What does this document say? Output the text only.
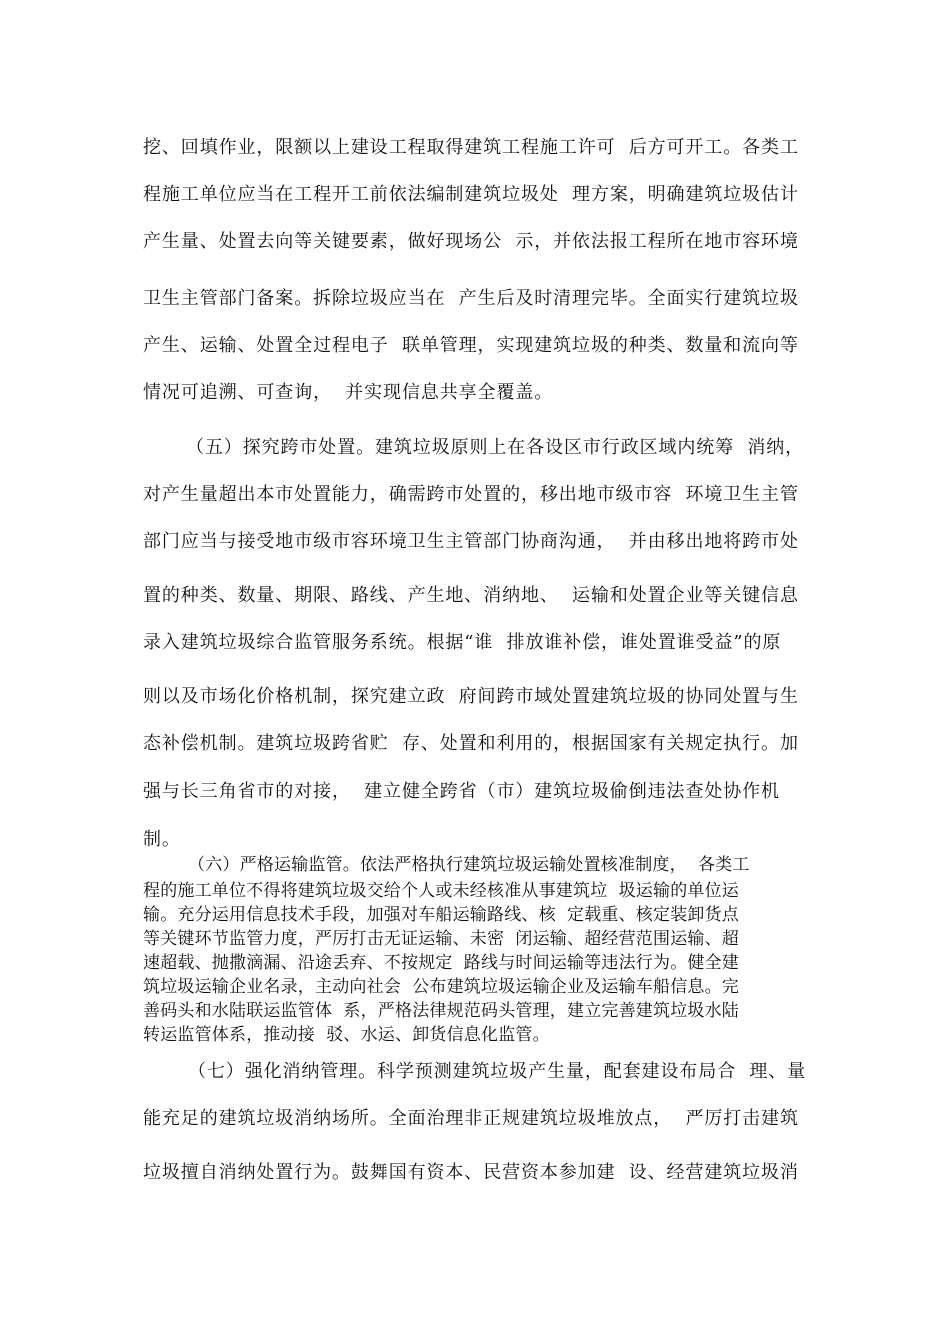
挖、回填作业，限额以上建设工程取得建筑工程施工许可  后方可开工。各类工
程施工单位应当在工程开工前依法编制建筑垃圾处  理方案，明确建筑垃圾估计
产生量、处置去向等关键要素，做好现场公  示，并依法报工程所在地市容环境
卫生主管部门备案。拆除垃圾应当在  产生后及时清理完毕。全面实行建筑垃圾
产生、运输、处置全过程电子  联单管理，实现建筑垃圾的种类、数量和流向等
情况可追溯、可查询，  并实现信息共享全覆盖。
（五）探究跨市处置。建筑垃圾原则上在各设区市行政区域内统筹  消纳，
对产生量超出本市处置能力，确需跨市处置的，移出地市级市容  环境卫生主管
部门应当与接受地市级市容环境卫生主管部门协商沟通，  并由移出地将跨市处
置的种类、数量、期限、路线、产生地、消纳地、  运输和处置企业等关键信息
录入建筑垃圾综合监管服务系统。根据“谁  排放谁补偿，谁处置谁受益”的原
则以及市场化价格机制，探究建立政  府间跨市域处置建筑垃圾的协同处置与生
态补偿机制。建筑垃圾跨省贮  存、处置和利用的，根据国家有关规定执行。加
强与长三角省市的对接，  建立健全跨省（市）建筑垃圾偷倒违法查处协作机
制。
（六）严格运输监管。依法严格执行建筑垃圾运输处置核准制度，  各类工
程的施工单位不得将建筑垃圾交给个人或未经核准从事建筑垃  圾运输的单位运
输。充分运用信息技术手段，加强对车船运输路线、核  定载重、核定装卸货点
等关键环节监管力度，严厉打击无证运输、未密  闭运输、超经营范围运输、超
速超载、抛撒滴漏、沿途丢弃、不按规定  路线与时间运输等违法行为。健全建
筑垃圾运输企业名录，主动向社会  公布建筑垃圾运输企业及运输车船信息。完
善码头和水陆联运监管体  系，严格法律规范码头管理，建立完善建筑垃圾水陆
转运监管体系，推动接  驳、水运、卸货信息化监管。
（七）强化消纳管理。科学预测建筑垃圾产生量，配套建设布局合  理、量
能充足的建筑垃圾消纳场所。全面治理非正规建筑垃圾堆放点，  严厉打击建筑
垃圾擅自消纳处置行为。鼓舞国有资本、民营资本参加建  设、经营建筑垃圾消
